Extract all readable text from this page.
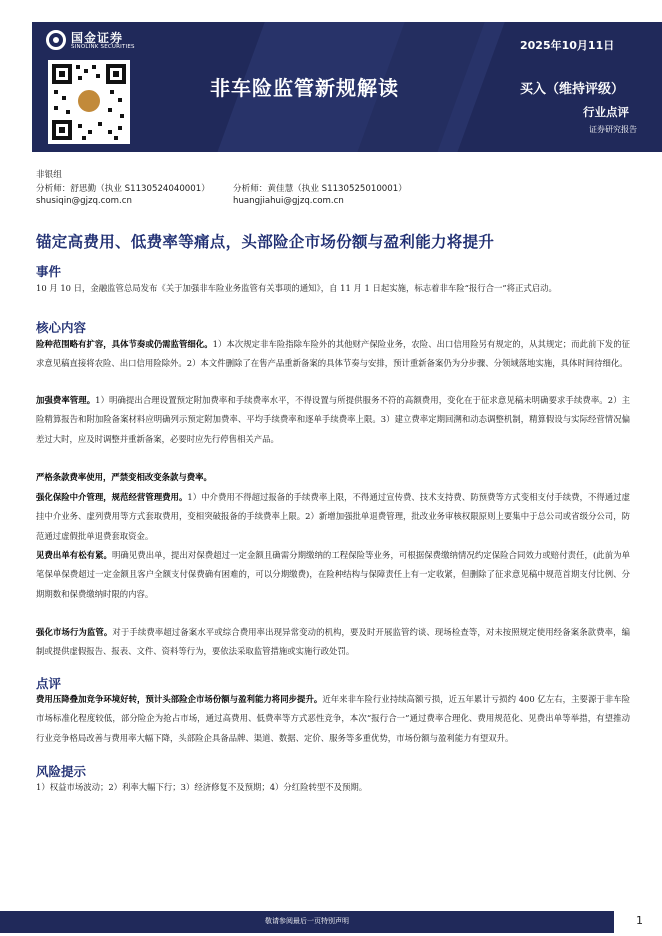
国金证券
SINOLINK SECURITIES	2025年10月11日
非车险监管新规解读	买入（维持评级）
行业点评
证券研究报告
非银组
分析师：舒思勤（执业 S1130524040001）	分析师：黄佳慧（执业 S1130525010001）
shusiqin@gjzq.com.cn	huangjiahui@gjzq.com.cn
锚定高费用、低费率等痛点，头部险企市场份额与盈利能力将提升
事件
10 月 10 日，金融监管总局发布《关于加强非车险业务监管有关事项的通知》，自 11 月 1 日起实施，标志着非车险“报行合一”将正式启动。
核心内容
险种范围略有扩容，具体节奏或仍需监管细化。1）本次规定非车险指除车险外的其他财产保险业务，农险、出口信用险另有规定的，从其规定；而此前下发的征求意见稿直接将农险、出口信用险除外。2）本文件删除了在售产品重新备案的具体节奏与安排，预计重新备案仍为分步骤、分领域落地实施，具体时间待细化。
加强费率管理。1）明确提出合理设置预定附加费率和手续费率水平，不得设置与所提供服务不符的高额费用，变化在于征求意见稿未明确要求手续费率。2）主险精算报告和附加险备案材料应明确列示预定附加费率、平均手续费率和逐单手续费率上限。3）建立费率定期回溯和动态调整机制，精算假设与实际经营情况偏差过大时，应及时调整并重新备案，必要时应先行停售相关产品。
严格条款费率使用，严禁变相改变条款与费率。
强化保险中介管理，规范经营管理费用。1）中介费用不得超过报备的手续费率上限，不得通过宣传费、技术支持费、防预费等方式变相支付手续费，不得通过虚挂中介业务、虚列费用等方式套取费用，变相突破报备的手续费率上限。2）新增加强批单退费管理，批改业务审核权限原则上要集中于总公司或省级分公司，防范通过虚假批单退费套取资金。
见费出单有松有紧。明确见费出单，提出对保费超过一定金额且确需分期缴纳的工程保险等业务，可根据保费缴纳情况约定保险合同效力或赔付责任，(此前为单笔保单保费超过一定金额且客户全额支付保费确有困难的，可以分期缴费)，在险种结构与保障责任上有一定收紧，但删除了征求意见稿中规范首期支付比例、分期期数和保费缴纳时限的内容。
强化市场行为监管。对于手续费率超过备案水平或综合费用率出现异常变动的机构，要及时开展监管约谈、现场检查等，对未按照规定使用经备案条款费率，编制或提供虚假报告、报表、文件、资料等行为，要依法采取监管措施或实施行政处罚。
点评
费用压降叠加竞争环境好转，预计头部险企市场份额与盈利能力将同步提升。近年来非车险行业持续高额亏损，近五年累计亏损约 400 亿左右，主要源于非车险市场标准化程度较低，部分险企为抢占市场，通过高费用、低费率等方式恶性竞争，本次“报行合一”通过费率合理化、费用规范化、见费出单等举措，有望推动行业竞争格局改善与费用率大幅下降，头部险企具备品牌、渠道、数据、定价、服务等多重优势，市场份额与盈利能力有望双升。
风险提示
1）权益市场波动；2）利率大幅下行；3）经济修复不及预期；4）分红险转型不及预期。
敬请参阅最后一页特别声明	1
